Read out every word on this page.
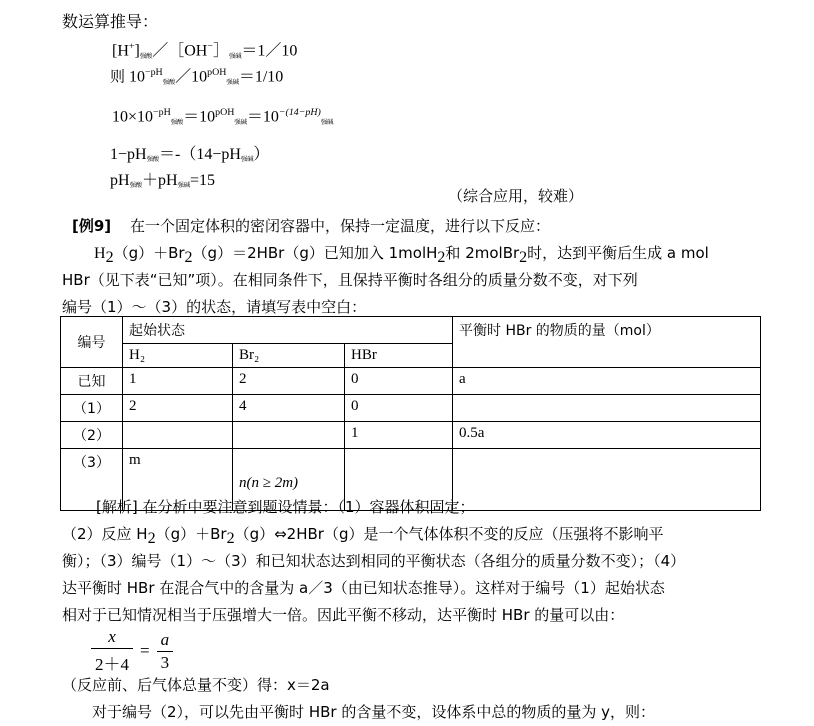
数运算推导：
[H+]强酸／［OH−］强碱＝1／10
则 $10^{-pH}$强酸$/10^{pOH}$强碱＝1/10
$10\times 10^{-pH}$强酸$=10^{pOH}$强碱$=10^{-(14-pH)}$强碱
1−pH强酸＝-（14−pH强碱）
pH强酸＋pH强碱=15
（综合应用，较难）
[例9] 在一个固定体积的密闭容器中，保持一定温度，进行以下反应：
$H_2(g)+Br_2(g)=2HBr(g)$已知加入 1molH$_2$和 2molBr$_2$时，达到平衡后生成 a mol
HBr（见下表“已知”项）。在相同条件下，且保持平衡时各组分的质量分数不变，对下列
编号（1）～（3）的状态，请填写表中空白：
编号	起始状态			平衡时 HBr 的物质的量（mol）
	H₂	Br₂	HBr	
已知	1	2	0	a
（1）	2	4	0	
（2）			1	0.5a
（3）	m	n(n ≥ 2m)		
[解析] 在分析中要注意到题设情景：（1）容器体积固定；
（2）反应 $H_2(g)+Br_2(g)\Leftrightarrow 2HBr(g)$是一个气体体积不变的反应（压强将不影响平
衡）；（3）编号（1）～（3）和已知状态达到相同的平衡状态（各组分的质量分数不变）；（4）
达平衡时 HBr 在混合气中的含量为 a／3（由已知状态推导）。这样对于编号（1）起始状态
相对于已知情况相当于压强增大一倍。因此平衡不移动，达平衡时 HBr 的量可以由：
$\frac{x}{2+4} = \frac{a}{3}$
（反应前、后气体总量不变）得：x＝2a
对于编号（2），可以先由平衡时 HBr 的含量不变，设体系中总的物质的量为 y，则：
